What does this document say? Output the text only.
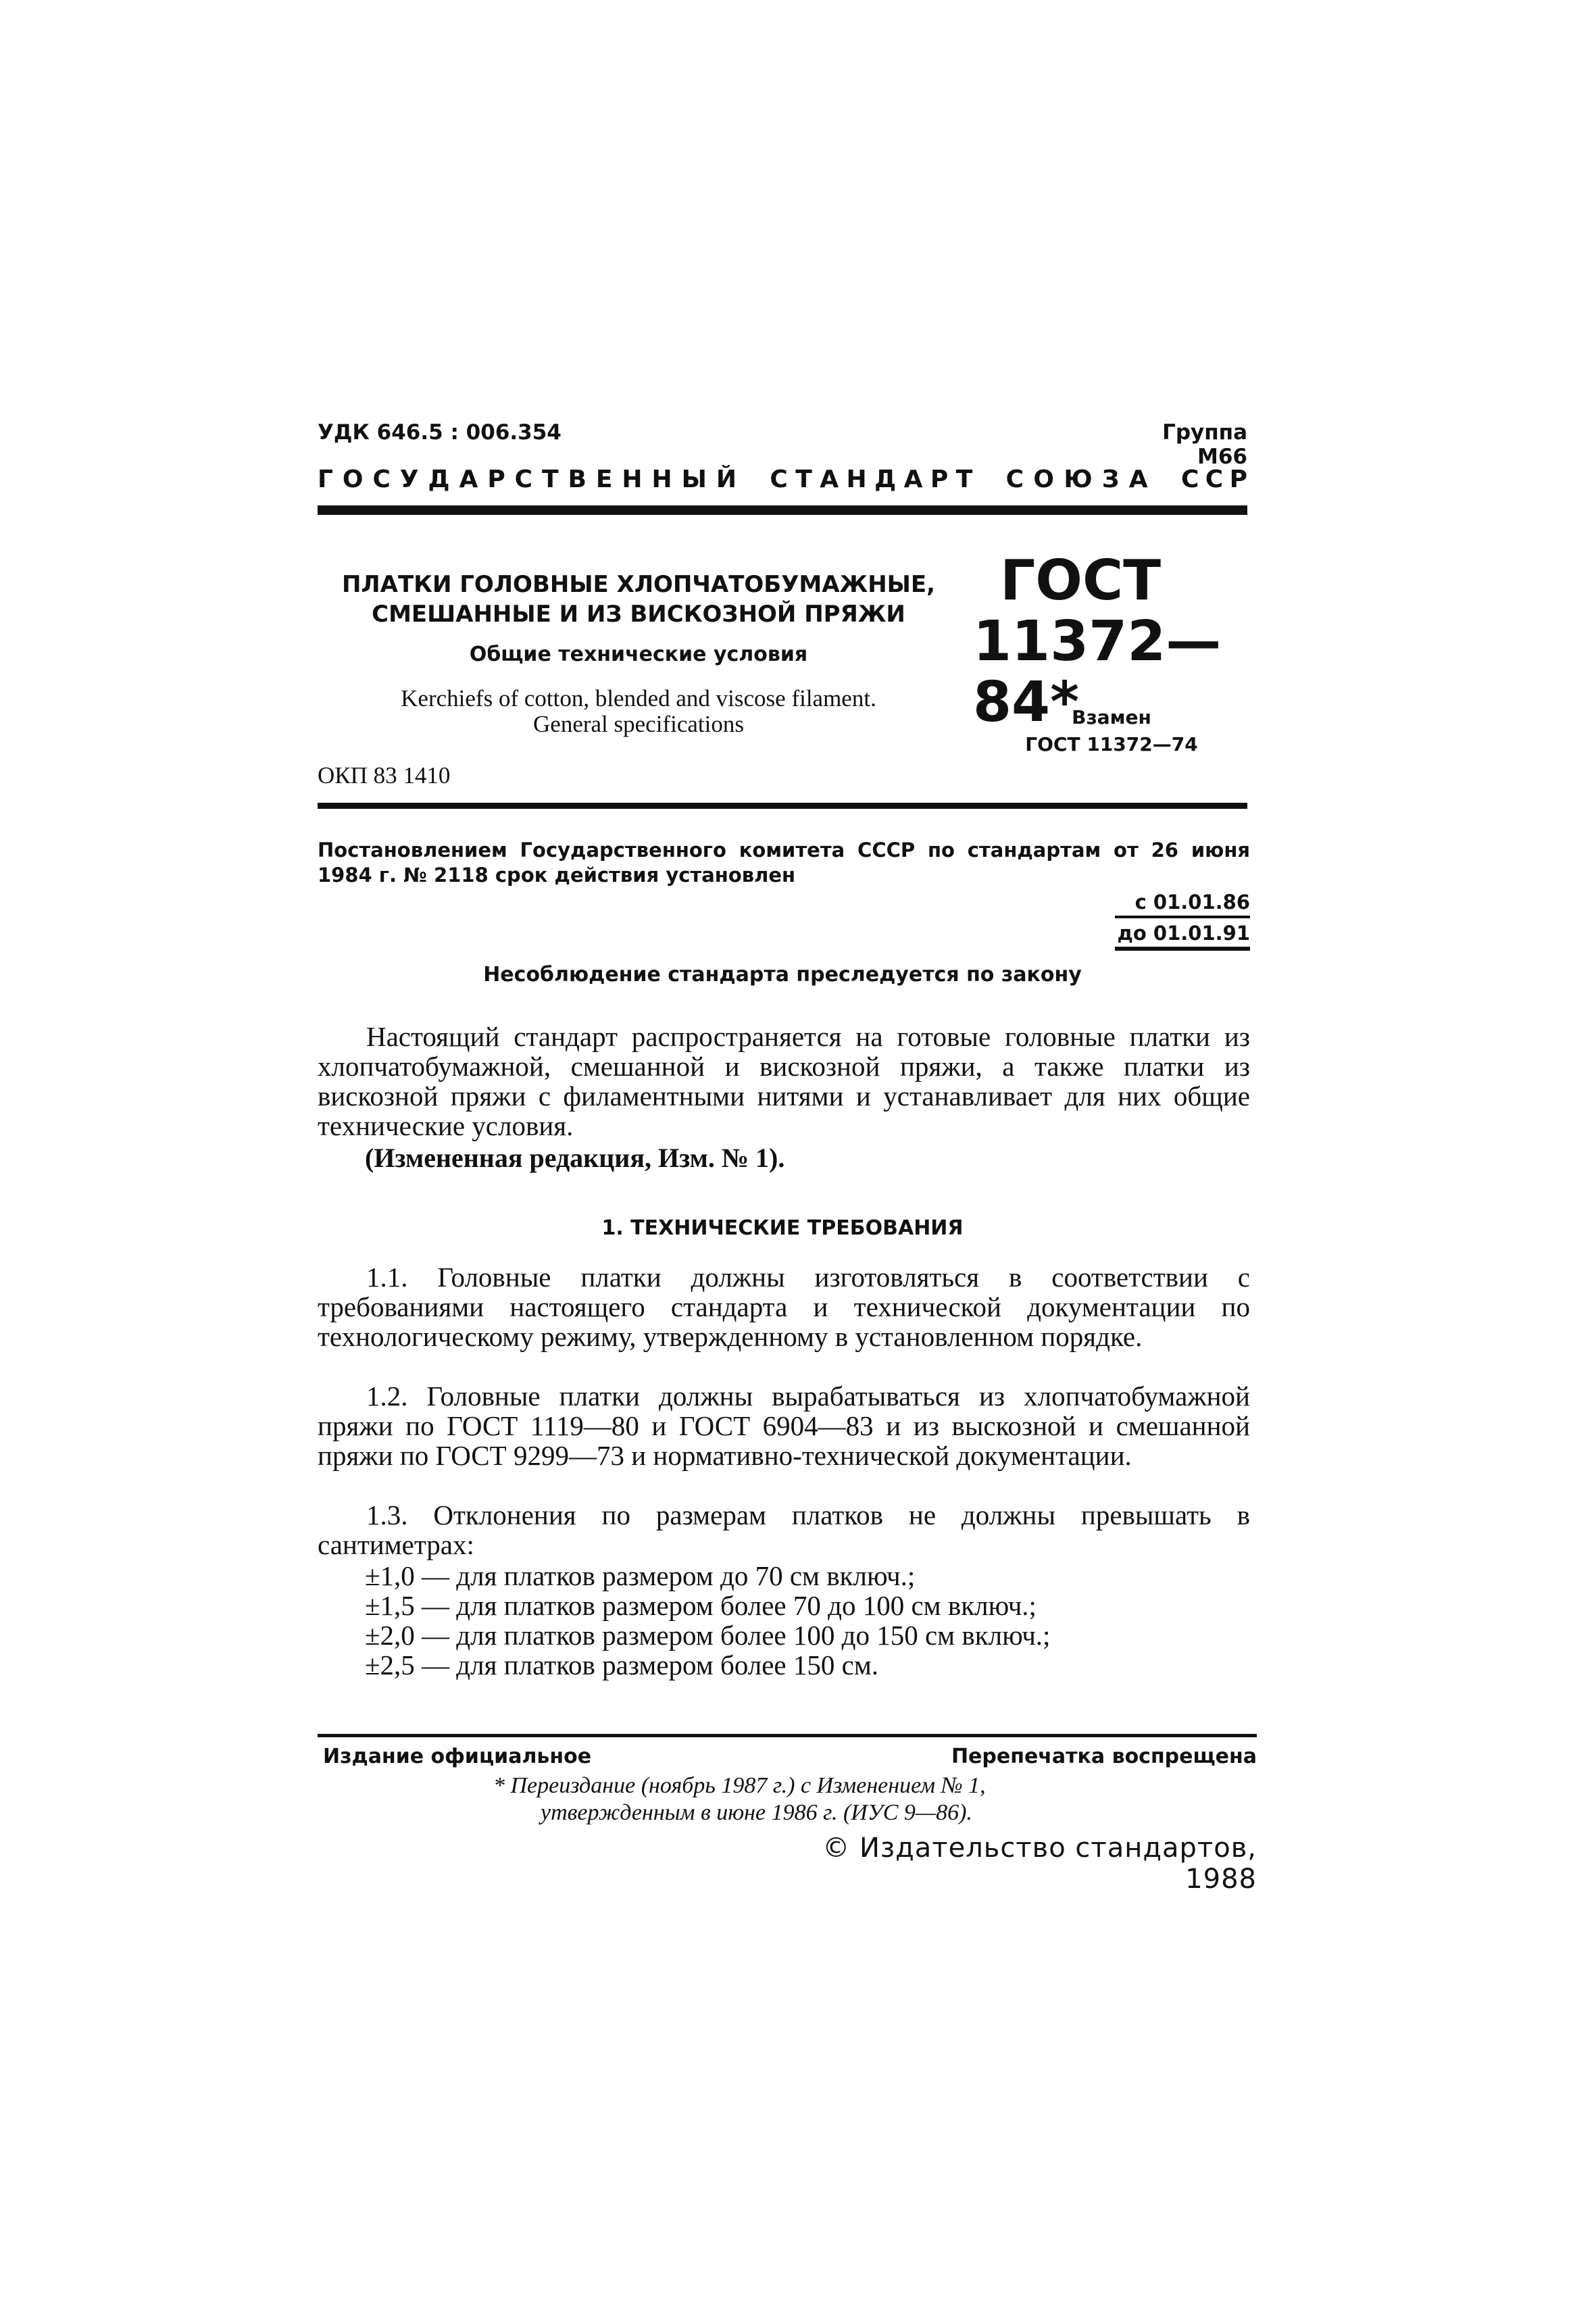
УДК 646.5 : 006.354	Группа М66
Г О С У Д А Р С Т В Е Н Н Ы Й С Т А Н Д А Р Т С О Ю З А С С Р

ПЛАТКИ ГОЛОВНЫЕ ХЛОПЧАТОБУМАЖНЫЕ,

СМЕШАННЫЕ И ИЗ ВИСКОЗНОЙ ПРЯЖИ

Общие технические условия
Kerchiefs of cotton, blended and viscose filament.
General specifications
ОКП 83 1410
ГОСТ
11372—84*
Взамен
ГОСТ 11372—74
Постановлением Государственного комитета СССР по стандартам от 26 июня 1984 г. № 2118 срок действия установлен
с 01.01.86
до 01.01.91
Несоблюдение стандарта преследуется по закону
Настоящий стандарт распространяется на готовые головные платки из хлопчатобумажной, смешанной и вискозной пряжи, а также платки из вискозной пряжи с филаментными нитями и устанавливает для них общие технические условия.
(Измененная редакция, Изм. № 1).
1. ТЕХНИЧЕСКИЕ ТРЕБОВАНИЯ
1.1. Головные платки должны изготовляться в соответствии с требованиями настоящего стандарта и технической документации по технологическому режиму, утвержденному в установленном порядке.
1.2. Головные платки должны вырабатываться из хлопчатобумажной пряжи по ГОСТ 1119—80 и ГОСТ 6904—83 и из выскозной и смешанной пряжи по ГОСТ 9299—73 и нормативно-технической документации.
1.3. Отклонения по размерам платков не должны превышать в сантиметрах:
±1,0 — для платков размером до 70 см включ.;
±1,5 — для платков размером более 70 до 100 см включ.;
±2,0 — для платков размером более 100 до 150 см включ.;
±2,5 — для платков размером более 150 см.
Издание официальное	Перепечатка воспрещена
* Переиздание (ноябрь 1987 г.) с Изменением № 1,
утвержденным в июне 1986 г. (ИУС 9—86).
© Издательство стандартов, 1988
